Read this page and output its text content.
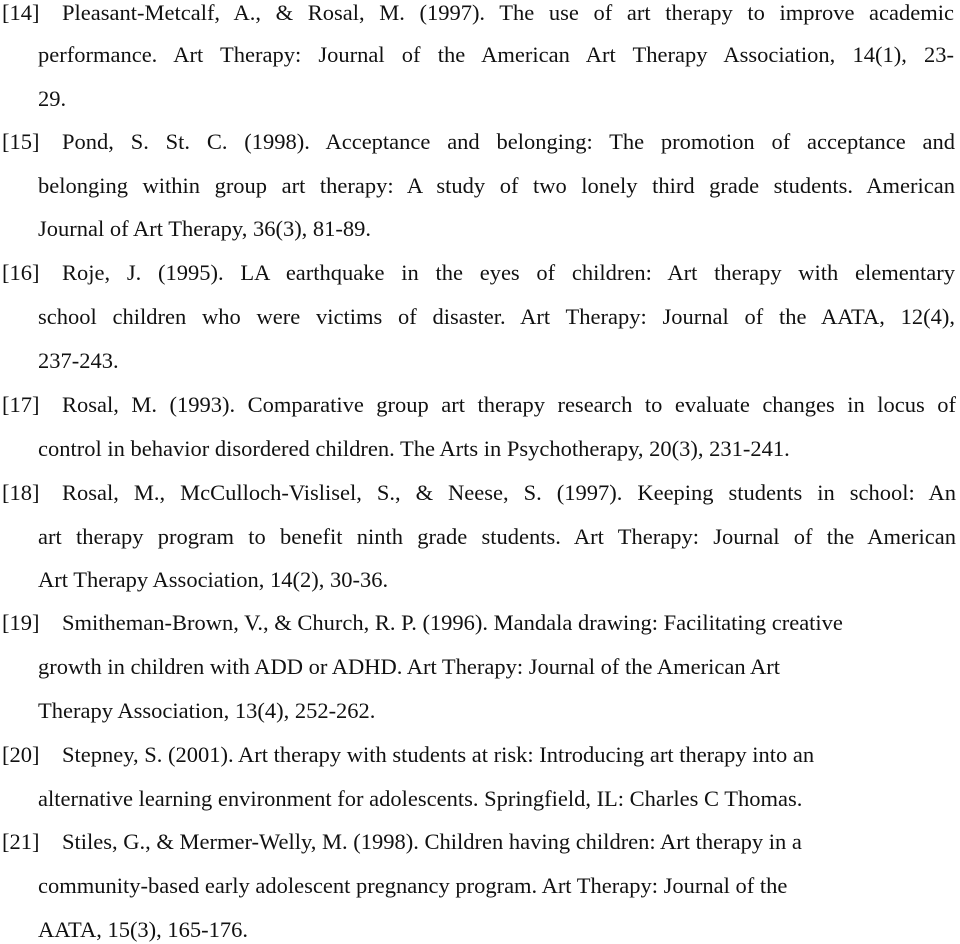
[14] Pleasant-Metcalf, A., & Rosal, M. (1997). The use of art therapy to improve academic
performance. Art Therapy: Journal of the American Art Therapy Association, 14(1), 23-
29.
[15] Pond, S. St. C. (1998). Acceptance and belonging: The promotion of acceptance and
belonging within group art therapy: A study of two lonely third grade students. American
Journal of Art Therapy, 36(3), 81-89.
[16] Roje, J. (1995). LA earthquake in the eyes of children: Art therapy with elementary
school children who were victims of disaster. Art Therapy: Journal of the AATA, 12(4),
237-243.
[17] Rosal, M. (1993). Comparative group art therapy research to evaluate changes in locus of
control in behavior disordered children. The Arts in Psychotherapy, 20(3), 231-241.
[18] Rosal, M., McCulloch-Vislisel, S., & Neese, S. (1997). Keeping students in school: An
art therapy program to benefit ninth grade students. Art Therapy: Journal of the American
Art Therapy Association, 14(2), 30-36.
[19] Smitheman-Brown, V., & Church, R. P. (1996). Mandala drawing: Facilitating creative
growth in children with ADD or ADHD. Art Therapy: Journal of the American Art
Therapy Association, 13(4), 252-262.
[20] Stepney, S. (2001). Art therapy with students at risk: Introducing art therapy into an
alternative learning environment for adolescents. Springfield, IL: Charles C Thomas.
[21] Stiles, G., & Mermer-Welly, M. (1998). Children having children: Art therapy in a
community-based early adolescent pregnancy program. Art Therapy: Journal of the
AATA, 15(3), 165-176.
